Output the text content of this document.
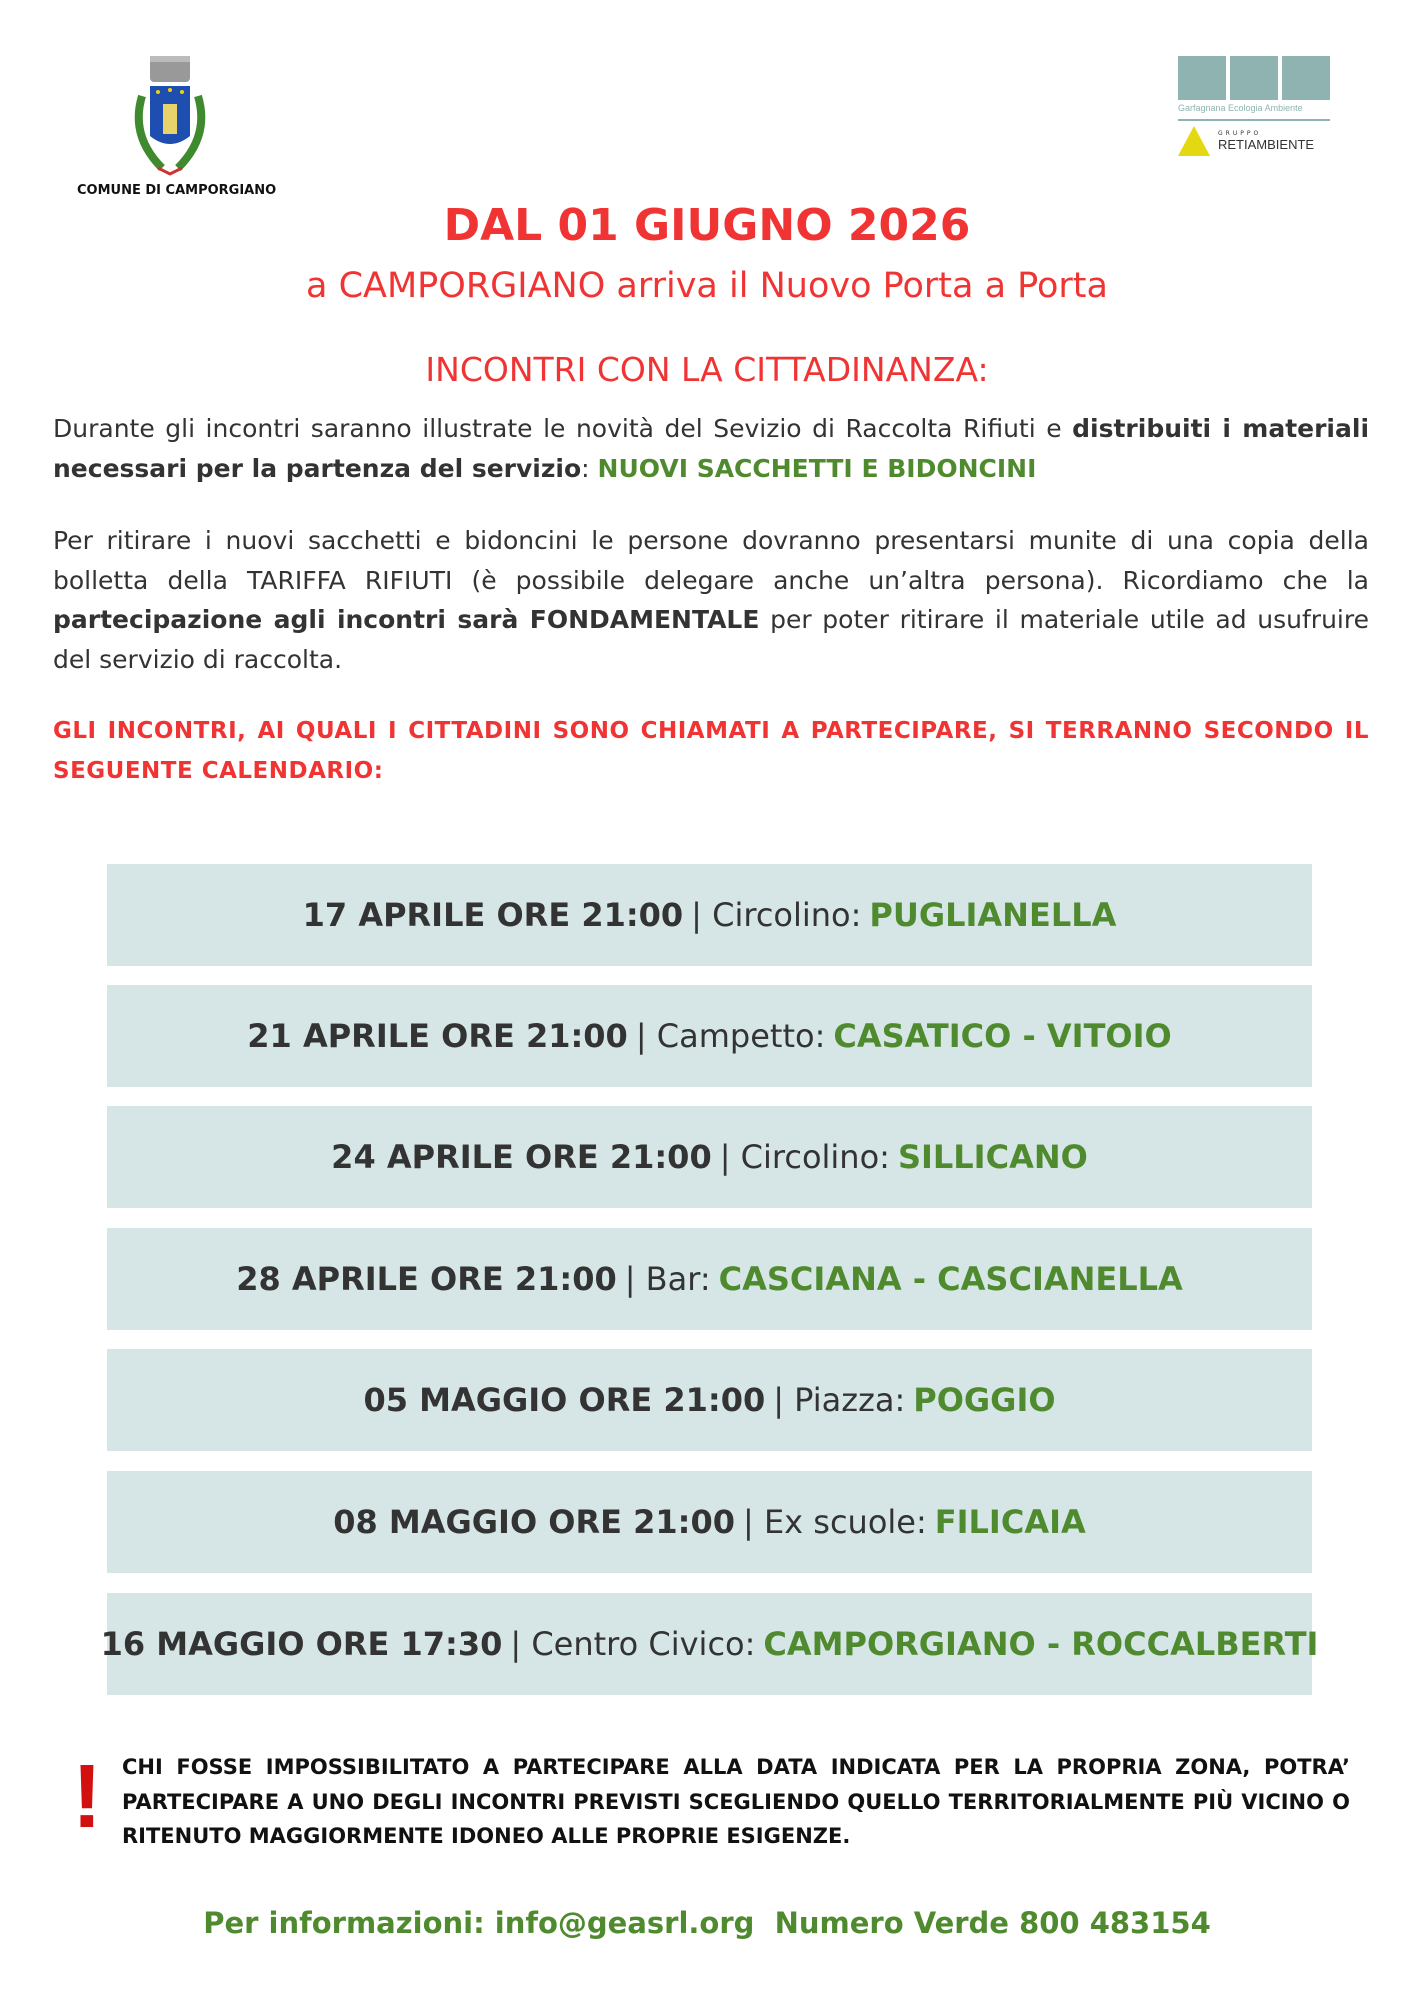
COMUNE DI CAMPORGIANO
Garfagnana Ecologia Ambiente
GRUPPO
RETIAMBIENTE
DAL 01 GIUGNO 2026
a CAMPORGIANO arriva il Nuovo Porta a Porta
INCONTRI CON LA CITTADINANZA:
Durante gli incontri saranno illustrate le novità del Sevizio di Raccolta Rifiuti e distribuiti i materiali necessari per la partenza del servizio: NUOVI SACCHETTI E BIDONCINI
Per ritirare i nuovi sacchetti e bidoncini le persone dovranno presentarsi munite di una copia della bolletta della TARIFFA RIFIUTI (è possibile delegare anche un’altra persona). Ricordiamo che la partecipazione agli incontri sarà FONDAMENTALE per poter ritirare il materiale utile ad usufruire del servizio di raccolta.
GLI INCONTRI, AI QUALI I CITTADINI SONO CHIAMATI A PARTECIPARE, SI TERRANNO SECONDO IL SEGUENTE CALENDARIO:
17 APRILE ORE 21:00 | Circolino: PUGLIANELLA
21 APRILE ORE 21:00 | Campetto: CASATICO - VITOIO
24 APRILE ORE 21:00 | Circolino: SILLICANO
28 APRILE ORE 21:00 | Bar: CASCIANA - CASCIANELLA
05 MAGGIO ORE 21:00 | Piazza: POGGIO
08 MAGGIO ORE 21:00 | Ex scuole: FILICAIA
16 MAGGIO ORE 17:30 | Centro Civico: CAMPORGIANO - ROCCALBERTI
! CHI FOSSE IMPOSSIBILITATO A PARTECIPARE ALLA DATA INDICATA PER LA PROPRIA ZONA, POTRA’ PARTECIPARE A UNO DEGLI INCONTRI PREVISTI SCEGLIENDO QUELLO TERRITORIALMENTE PIÙ VICINO O RITENUTO MAGGIORMENTE IDONEO ALLE PROPRIE ESIGENZE.
Per informazioni: info@geasrl.org  Numero Verde 800 483154
